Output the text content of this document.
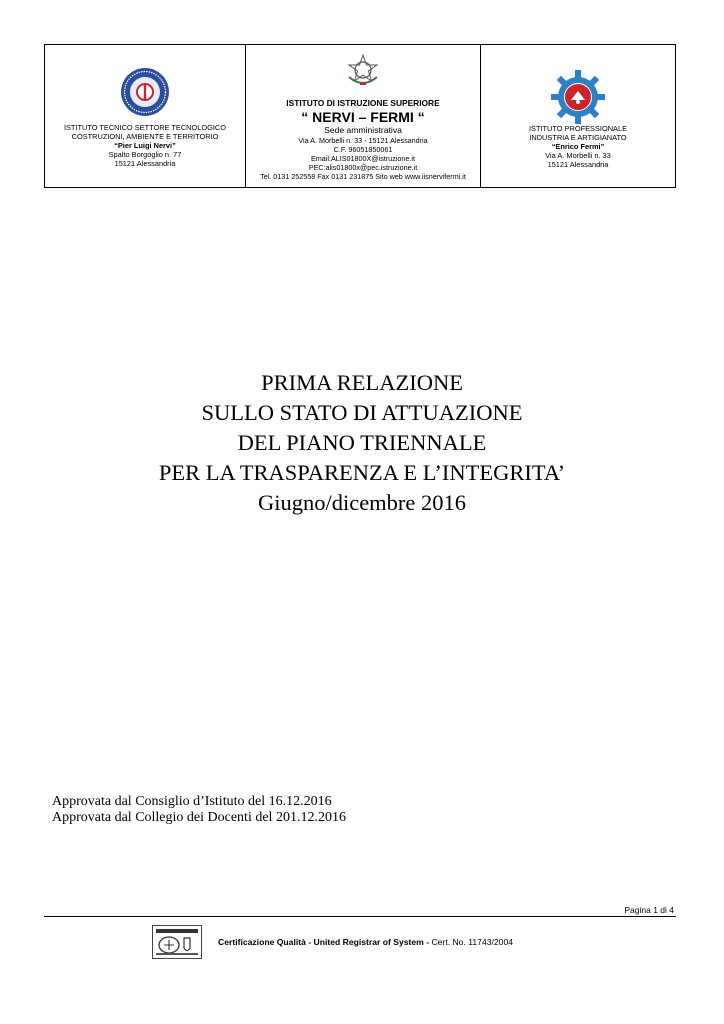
ISTITUTO TECNICO SETTORE TECNOLOGICO
COSTRUZIONI, AMBIENTE E TERRITORIO
“Pier Luigi Nervi”
Spalto Borgoglio n. 77
15121 Alessandria
ISTITUTO DI ISTRUZIONE SUPERIORE
“ NERVI – FERMI “
Sede amministrativa
Via A. Morbelli n. 33 - 15121 Alessandria
C.F. 96051850061
Email:ALIS01800X@istruzione.it
PEC:alis01800x@pec.istruzione.it
Tel. 0131 252558 Fax 0131 231875 Sito web www.iisnervifermi.it
ISTITUTO PROFESSIONALE
INDUSTRIA E ARTIGIANATO
“Enrico Fermi”
Via A. Morbelli n. 33
15121 Alessandria
PRIMA RELAZIONE
SULLO STATO DI ATTUAZIONE
DEL PIANO TRIENNALE
PER LA TRASPARENZA E L’INTEGRITA’
Giugno/dicembre 2016
Approvata dal Consiglio d’Istituto del 16.12.2016
Approvata dal Collegio dei Docenti del 201.12.2016
Pagina 1 di 4
Certificazione Qualità - United Registrar of System - Cert. No. 11743/2004
